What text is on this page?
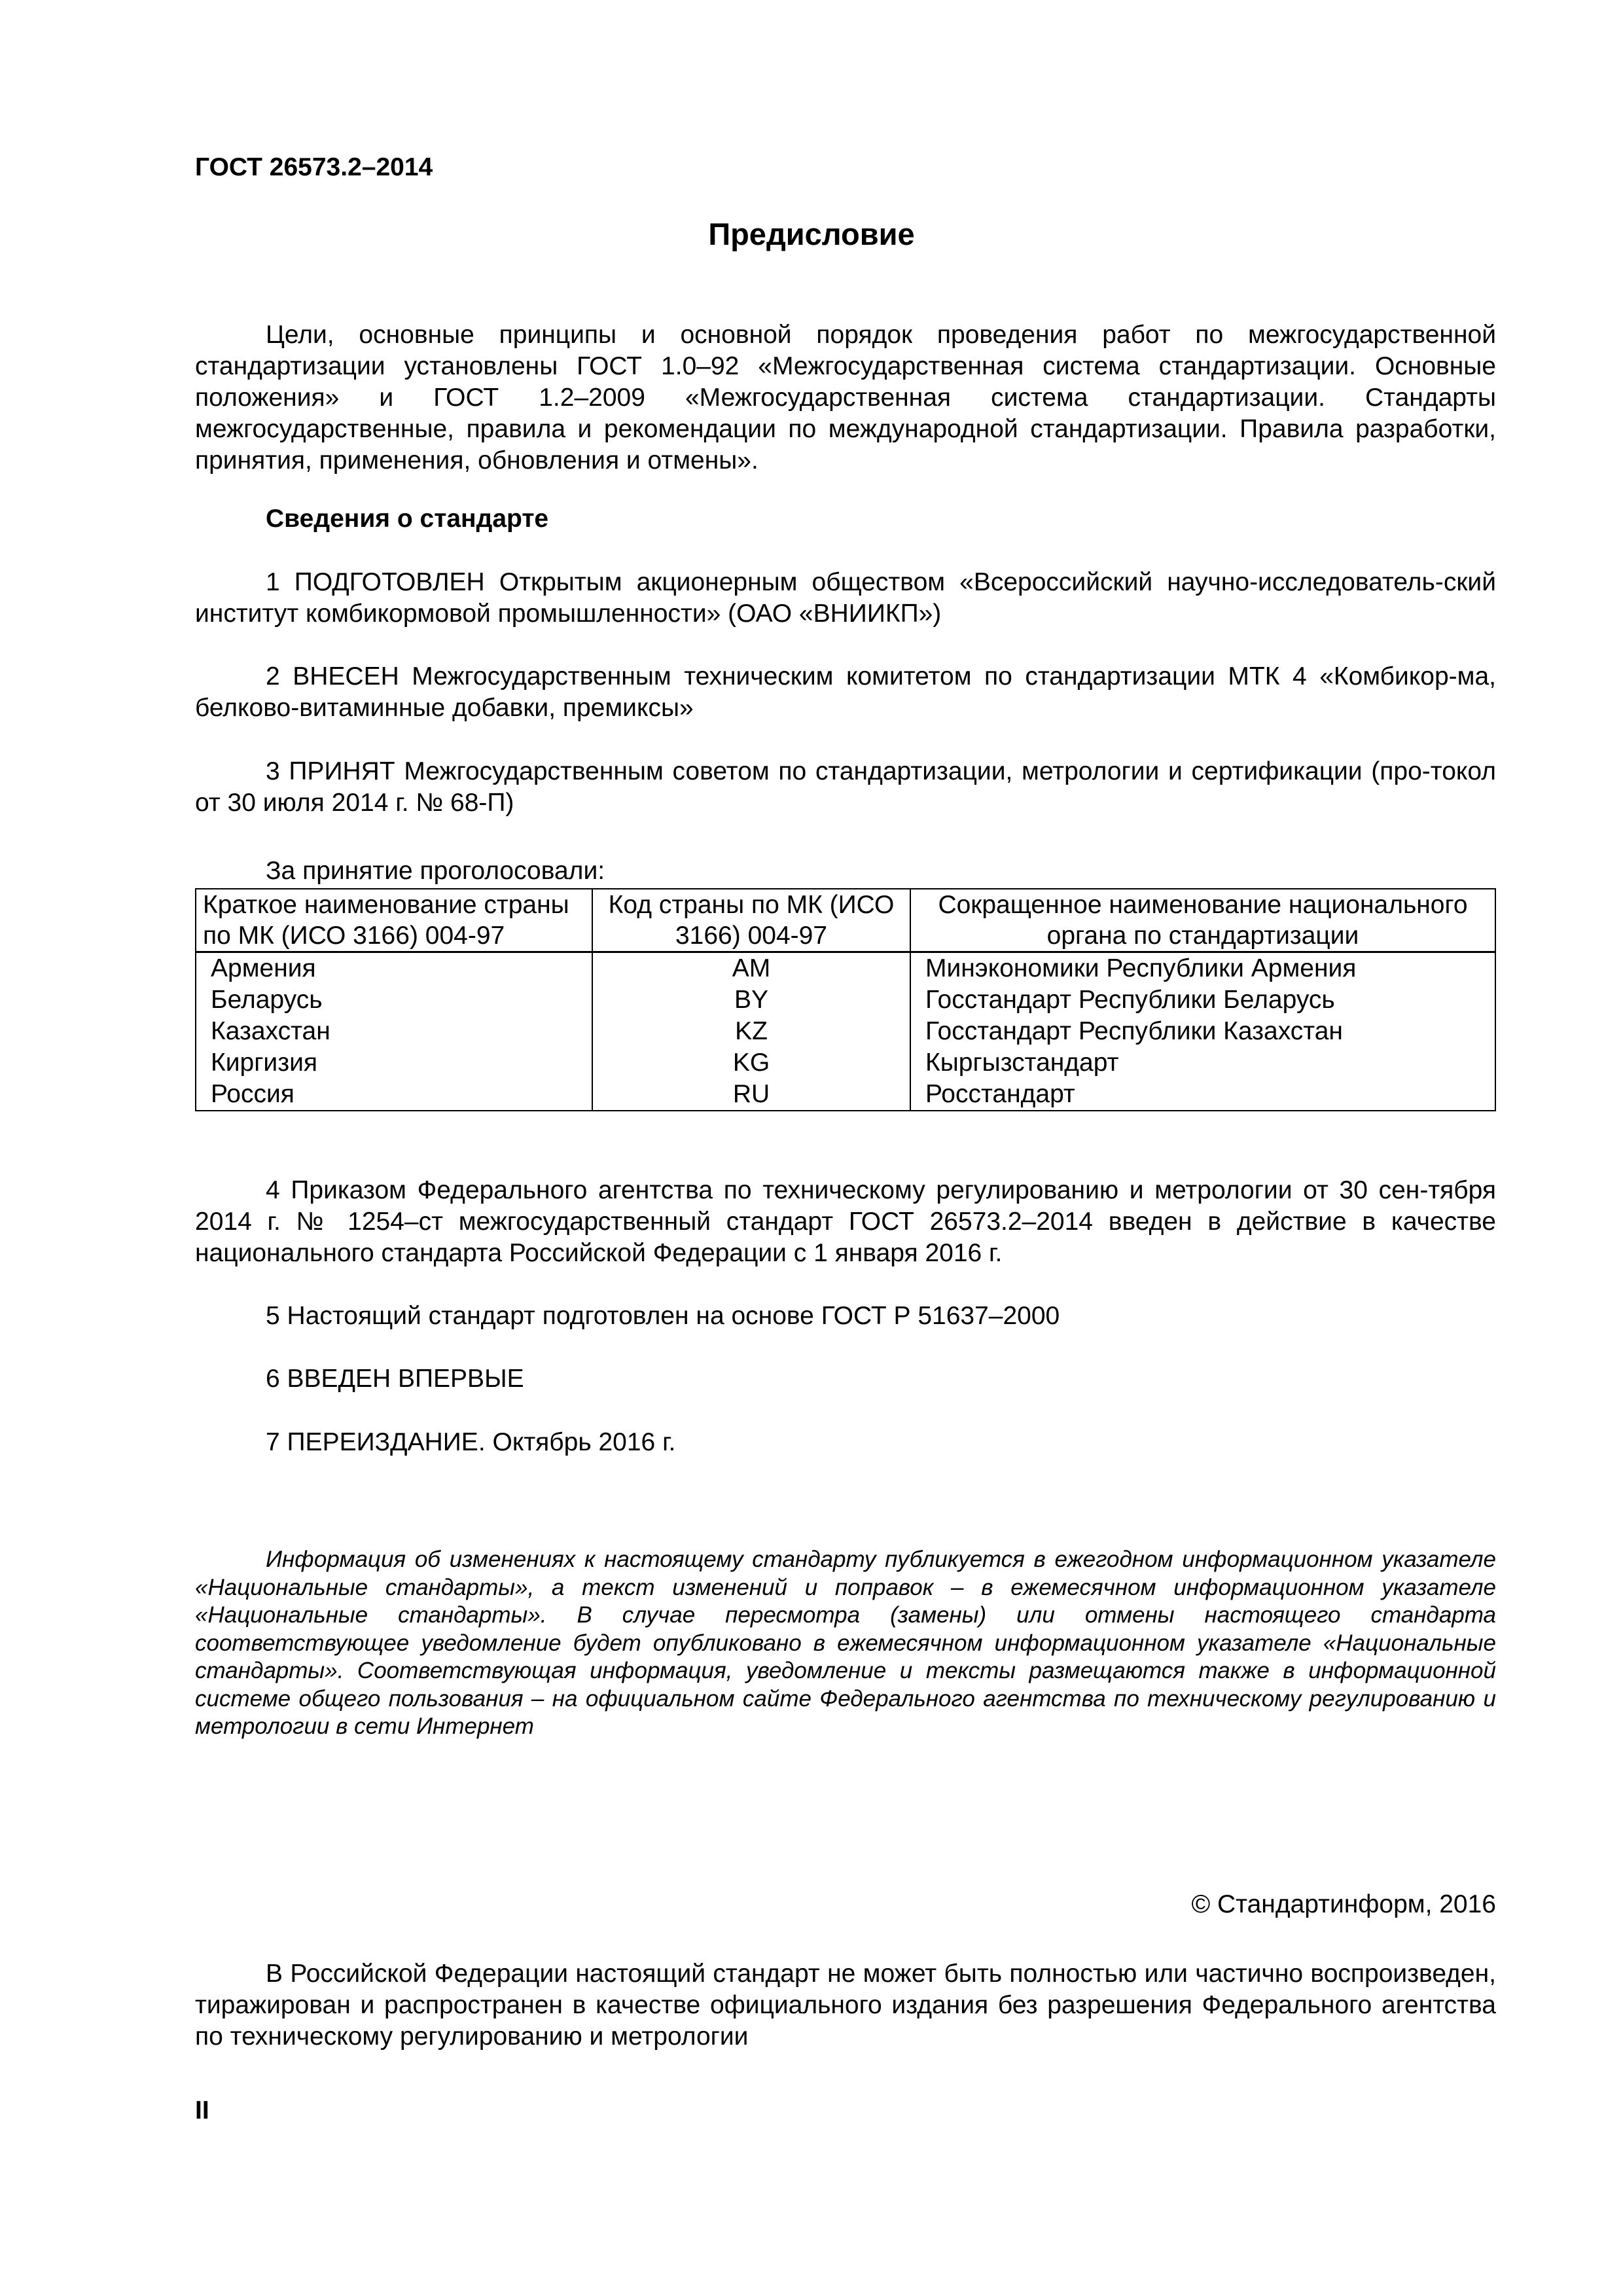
ГОСТ 26573.2–2014
Предисловие
Цели, основные принципы и основной порядок проведения работ по межгосударственной стандартизации установлены ГОСТ 1.0–92 «Межгосударственная система стандартизации. Основные положения» и ГОСТ 1.2–2009 «Межгосударственная система стандартизации. Стандарты межгосударственные, правила и рекомендации по международной стандартизации. Правила разработки, принятия, применения, обновления и отмены».
Сведения о стандарте
1 ПОДГОТОВЛЕН Открытым акционерным обществом «Всероссийский научно-исследователь-ский институт комбикормовой промышленности» (ОАО «ВНИИКП»)
2 ВНЕСЕН Межгосударственным техническим комитетом по стандартизации МТК 4 «Комбикор-ма, белково-витаминные добавки, премиксы»
3 ПРИНЯТ Межгосударственным советом по стандартизации, метрологии и сертификации (про-токол от 30 июля 2014 г. № 68-П)
За принятие проголосовали:
Краткое наименование страны по МК (ИСО 3166) 004-97	Код страны по МК (ИСО 3166) 004-97	Сокращенное наименование национального органа по стандартизации
Армения	AM	Минэкономики Республики Армения
Беларусь	BY	Госстандарт Республики Беларусь
Казахстан	KZ	Госстандарт Республики Казахстан
Киргизия	KG	Кыргызстандарт
Россия	RU	Росстандарт
4 Приказом Федерального агентства по техническому регулированию и метрологии от 30 сен-тября 2014 г. № 1254–ст межгосударственный стандарт ГОСТ 26573.2–2014 введен в действие в качестве национального стандарта Российской Федерации с 1 января 2016 г.
5 Настоящий стандарт подготовлен на основе ГОСТ Р 51637–2000
6 ВВЕДЕН ВПЕРВЫЕ
7 ПЕРЕИЗДАНИЕ. Октябрь 2016 г.
Информация об изменениях к настоящему стандарту публикуется в ежегодном информационном указателе «Национальные стандарты», а текст изменений и поправок – в ежемесячном информационном указателе «Национальные стандарты». В случае пересмотра (замены) или отмены настоящего стандарта соответствующее уведомление будет опубликовано в ежемесячном информационном указателе «Национальные стандарты». Соответствующая информация, уведомление и тексты размещаются также в информационной системе общего пользования – на официальном сайте Федерального агентства по техническому регулированию и метрологии в сети Интернет
© Стандартинформ, 2016
В Российской Федерации настоящий стандарт не может быть полностью или частично воспроизведен, тиражирован и распространен в качестве официального издания без разрешения Федерального агентства по техническому регулированию и метрологии
II
